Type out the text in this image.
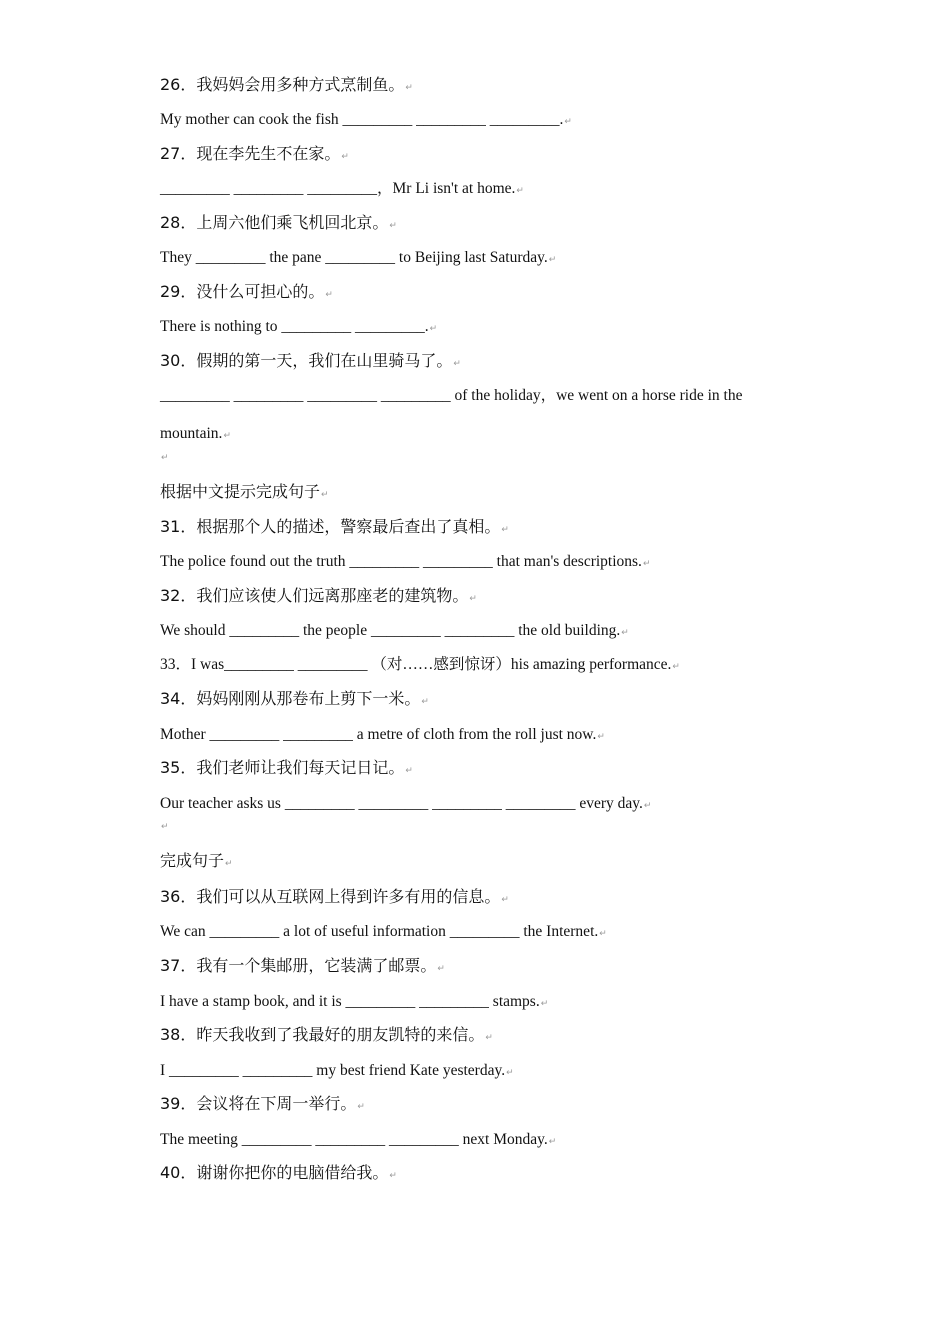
26．我妈妈会用多种方式烹制鱼。↵
My mother can cook the fish _________ _________ _________.↵
27．现在李先生不在家。↵
_________ _________ _________，Mr Li isn't at home.↵
28．上周六他们乘飞机回北京。↵
They _________ the pane _________ to Beijing last Saturday.↵
29．没什么可担心的。↵
There is nothing to _________ _________.↵
30．假期的第一天，我们在山里骑马了。↵
_________ _________ _________ _________ of the holiday，we went on a horse ride in the
mountain.↵
↵
根据中文提示完成句子↵
31．根据那个人的描述，警察最后查出了真相。↵
The police found out the truth _________ _________ that man's descriptions.↵
32．我们应该使人们远离那座老的建筑物。↵
We should _________ the people _________ _________ the old building.↵
33．I was_________ _________ （对……感到惊讶）his amazing performance.↵
34．妈妈刚刚从那卷布上剪下一米。↵
Mother _________ _________ a metre of cloth from the roll just now.↵
35．我们老师让我们每天记日记。↵
Our teacher asks us _________ _________ _________ _________ every day.↵
↵
完成句子↵
36．我们可以从互联网上得到许多有用的信息。↵
We can _________ a lot of useful information _________ the Internet.↵
37．我有一个集邮册，它装满了邮票。↵
I have a stamp book, and it is _________ _________ stamps.↵
38．昨天我收到了我最好的朋友凯特的来信。↵
I _________ _________ my best friend Kate yesterday.↵
39．会议将在下周一举行。↵
The meeting _________ _________ _________ next Monday.↵
40．谢谢你把你的电脑借给我。↵
